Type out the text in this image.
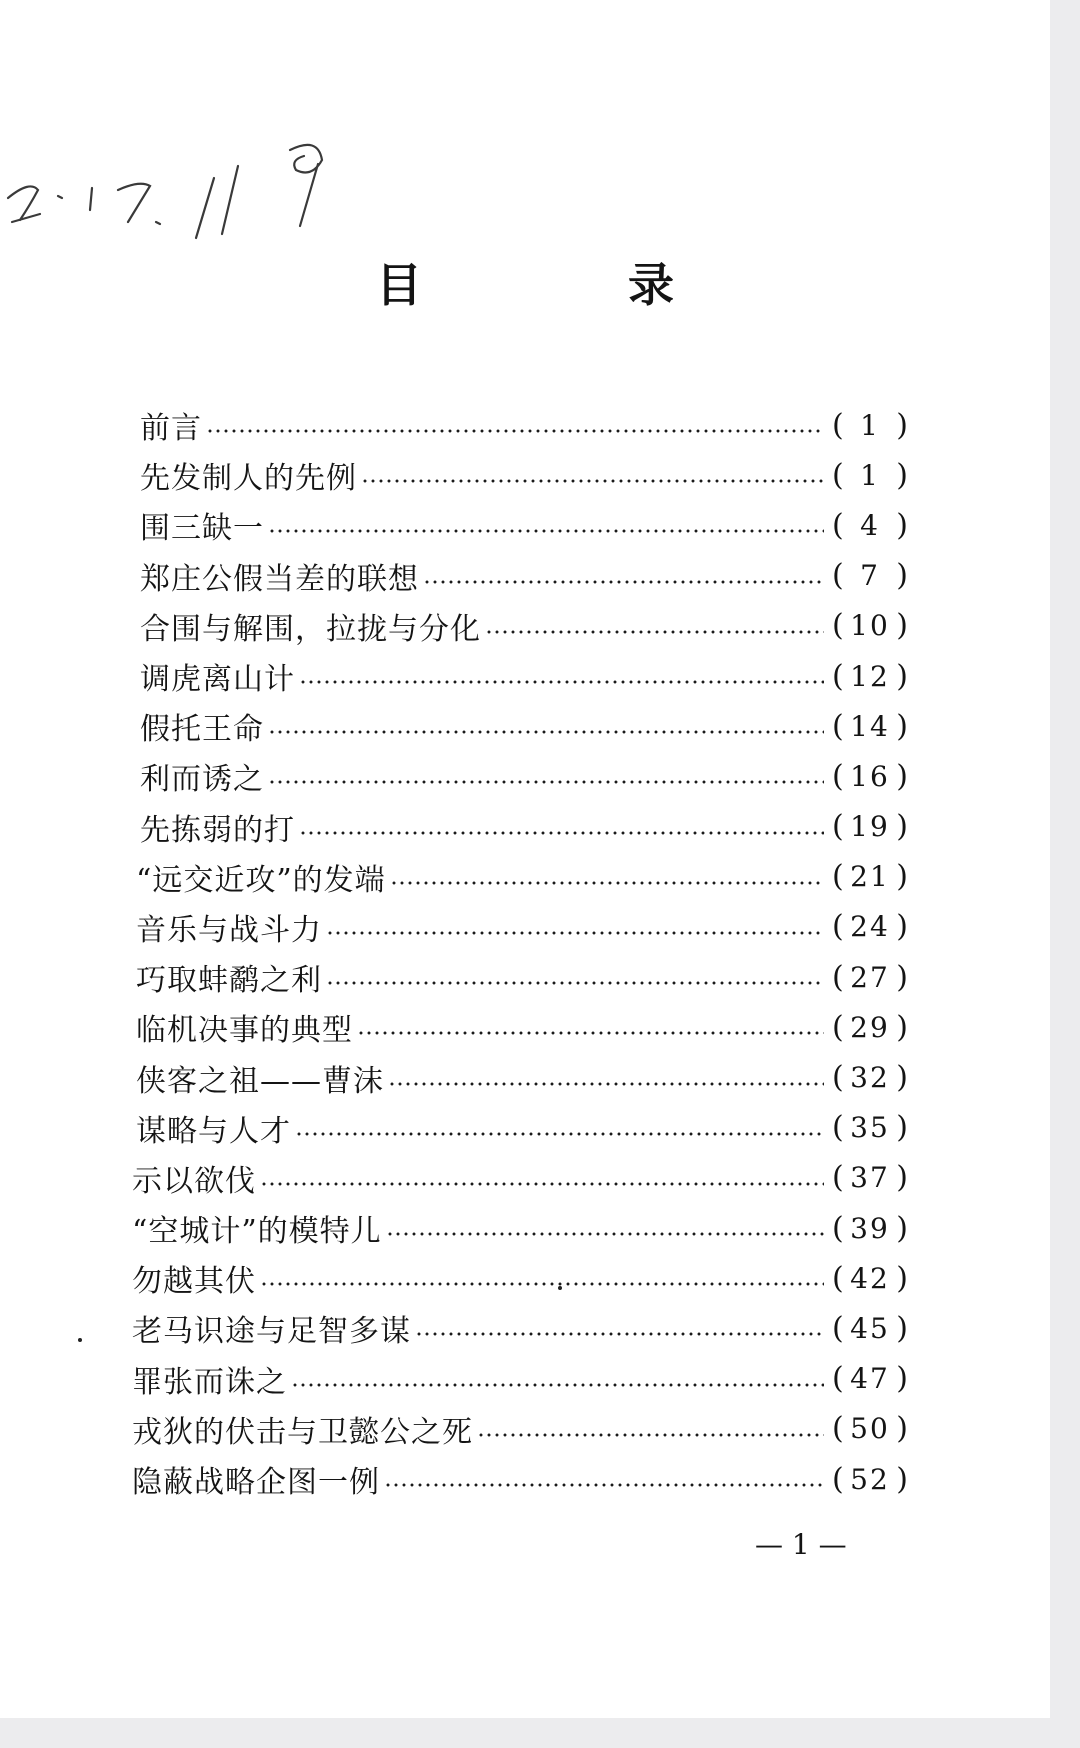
目 录
前言	( 1 )
先发制人的先例	( 1 )
围三缺一	( 4 )
郑庄公假当差的联想	( 7 )
合围与解围，拉拢与分化	( 10 )
调虎离山计	( 12 )
假托王命	( 14 )
利而诱之	( 16 )
先拣弱的打	( 19 )
“远交近攻”的发端	( 21 )
音乐与战斗力	( 24 )
巧取蚌鹬之利	( 27 )
临机决事的典型	( 29 )
侠客之祖——曹沫	( 32 )
谋略与人才	( 35 )
示以欲伐	( 37 )
“空城计”的模特儿	( 39 )
勿越其伏	( 42 )
老马识途与足智多谋	( 45 )
罪张而诛之	( 47 )
戎狄的伏击与卫懿公之死	( 50 )
隐蔽战略企图一例	( 52 )
— 1 —
